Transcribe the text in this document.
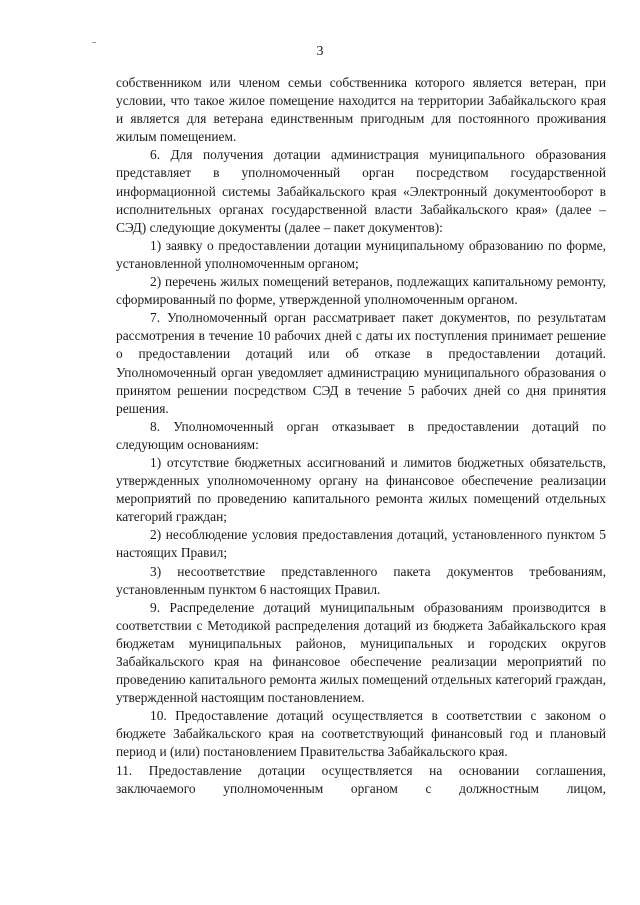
3

собственником или членом семьи собственника которого является ветеран, при условии, что такое жилое помещение находится на территории Забайкальского края и является для ветерана единственным пригодным для постоянного проживания жилым помещением.

6. Для получения дотации администрация муниципального образования представляет в уполномоченный орган посредством государственной информационной системы Забайкальского края «Электронный документооборот в исполнительных органах государственной власти Забайкальского края» (далее – СЭД) следующие документы (далее – пакет документов):

1) заявку о предоставлении дотации муниципальному образованию по форме, установленной уполномоченным органом;

2) перечень жилых помещений ветеранов, подлежащих капитальному ремонту, сформированный по форме, утвержденной уполномоченным органом.

7. Уполномоченный орган рассматривает пакет документов, по результатам рассмотрения в течение 10 рабочих дней с даты их поступления принимает решение о предоставлении дотаций или об отказе в предоставлении дотаций. Уполномоченный орган уведомляет администрацию муниципального образования о принятом решении посредством СЭД в течение 5 рабочих дней со дня принятия решения.

8. Уполномоченный орган отказывает в предоставлении дотаций по следующим основаниям:

1) отсутствие бюджетных ассигнований и лимитов бюджетных обязательств, утвержденных уполномоченному органу на финансовое обеспечение реализации мероприятий по проведению капитального ремонта жилых помещений отдельных категорий граждан;

2) несоблюдение условия предоставления дотаций, установленного пунктом 5 настоящих Правил;

3) несоответствие представленного пакета документов требованиям, установленным пунктом 6 настоящих Правил.

9. Распределение дотаций муниципальным образованиям производится в соответствии с Методикой распределения дотаций из бюджета Забайкальского края бюджетам муниципальных районов, муниципальных и городских округов Забайкальского края на финансовое обеспечение реализации мероприятий по проведению капитального ремонта жилых помещений отдельных категорий граждан, утвержденной настоящим постановлением.

10. Предоставление дотаций осуществляется в соответствии с законом о бюджете Забайкальского края на соответствующий финансовый год и плановый период и (или) постановлением Правительства Забайкальского края.

11. Предоставление дотации осуществляется на основании соглашения, заключаемого уполномоченным органом с должностным лицом,
